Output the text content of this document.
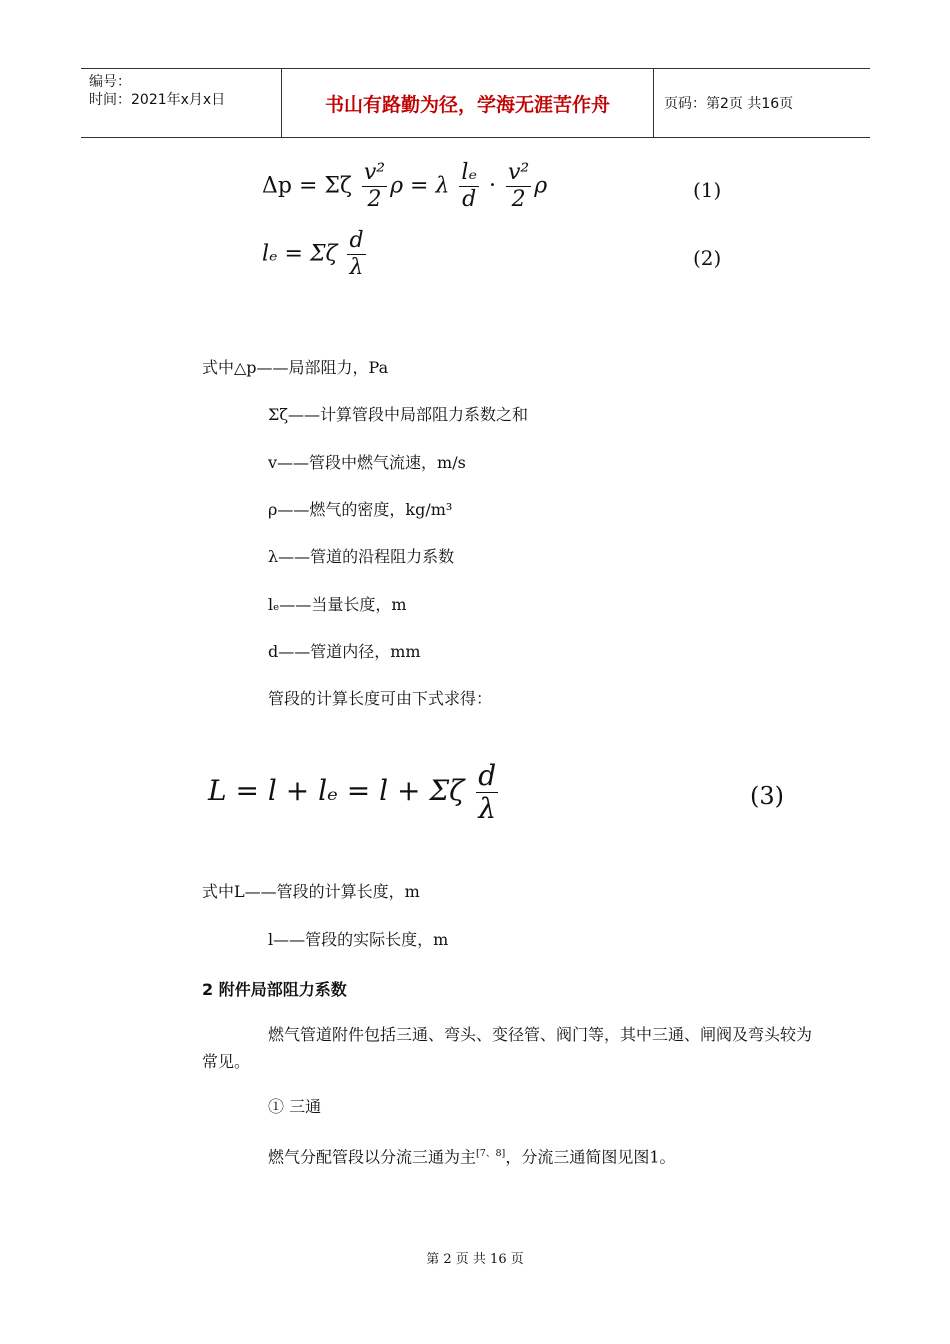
编号：
时间：2021年x月x日	书山有路勤为径，学海无涯苦作舟	页码：第2页 共16页
Δp = Σζ $\frac{\text{v²}}{2}$ ρ = λ $\frac{\text{lₑ}}{d} \cdot \frac{\text{v²}}{2}$ ρ	(1)
lₑ = Σζ $\frac{d}{\lambda}$	(2)
式中△p——局部阻力，Pa
Σζ——计算管段中局部阻力系数之和
v——管段中燃气流速，m/s
ρ——燃气的密度，kg/m³
λ——管道的沿程阻力系数
lₑ——当量长度，m
d——管道内径，mm
管段的计算长度可由下式求得：
L = l + lₑ = l + Σζ $\frac{d}{\lambda}$	(3)
式中L——管段的计算长度，m
l——管段的实际长度，m
2 附件局部阻力系数
燃气管道附件包括三通、弯头、变径管、阀门等，其中三通、闸阀及弯头较为常见。
① 三通
燃气分配管段以分流三通为主[7、8]，分流三通简图见图1。
第 2 页 共 16 页
